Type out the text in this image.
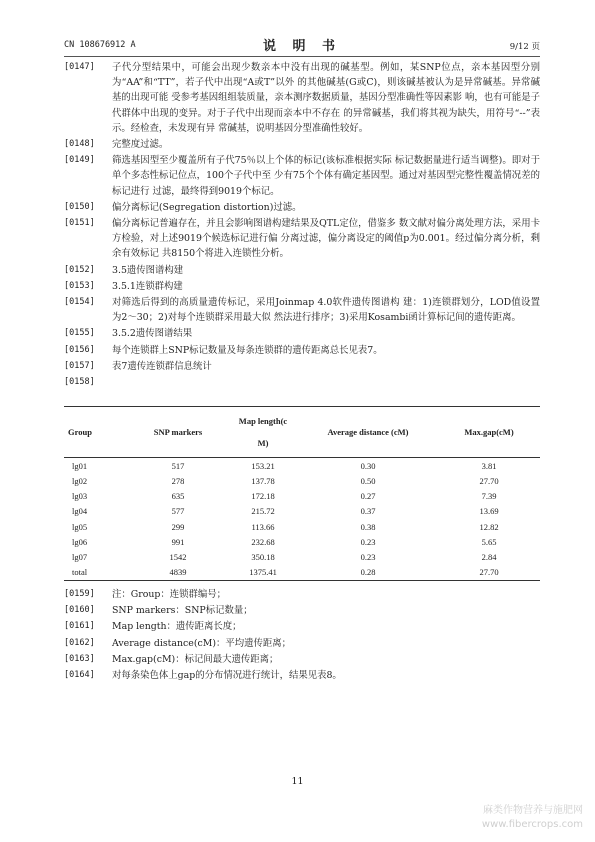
CN 108676912 A	说 明 书	9/12 页
[0147]	子代分型结果中，可能会出现少数亲本中没有出现的碱基型。例如，某SNP位点，亲本基因型分别为“AA”和“TT”，若子代中出现“A或T”以外 的其他碱基(G或C)，则该碱基被认为是异常碱基。异常碱基的出现可能 受参考基因组组装质量，亲本测序数据质量，基因分型准确性等因素影 响，也有可能是子代群体中出现的变异。对于子代中出现而亲本中不存在 的异常碱基，我们将其视为缺失，用符号“--”表示。经检查，未发现有异 常碱基，说明基因分型准确性较好。
[0148]	完整度过滤。
[0149]	筛选基因型至少覆盖所有子代75％以上个体的标记(该标准根据实际 标记数据量进行适当调整)。即对于单个多态性标记位点，100个子代中至 少有75个个体有确定基因型。通过对基因型完整性覆盖情况差的标记进行 过滤，最终得到9019个标记。
[0150]	偏分离标记(Segregation distortion)过滤。
[0151]	偏分离标记普遍存在，并且会影响图谱构建结果及QTL定位，借鉴多 数文献对偏分离处理方法，采用卡方检验，对上述9019个候选标记进行偏 分离过滤，偏分离设定的阈值p为0.001。经过偏分离分析，剩余有效标记 共8150个将进入连锁性分析。
[0152]	3.5遗传图谱构建
[0153]	3.5.1连锁群构建
[0154]	对筛选后得到的高质量遗传标记，采用Joinmap 4.0软件遗传图谱构 建：1)连锁群划分，LOD值设置为2～30；2)对每个连锁群采用最大似 然法进行排序；3)采用Kosambi函计算标记间的遗传距离。
[0155]	3.5.2遗传图谱结果
[0156]	每个连锁群上SNP标记数量及每条连锁群的遗传距离总长见表7。
[0157]	表7遗传连锁群信息统计
[0158]
Group	SNP markers	Map length(cM)	Average distance (cM)	Max.gap(cM)
lg01	517	153.21	0.30	3.81
lg02	278	137.78	0.50	27.70
lg03	635	172.18	0.27	7.39
lg04	577	215.72	0.37	13.69
lg05	299	113.66	0.38	12.82
lg06	991	232.68	0.23	5.65
lg07	1542	350.18	0.23	2.84
total	4839	1375.41	0.28	27.70
[0159]	注：Group：连锁群编号；
[0160]	SNP markers：SNP标记数量；
[0161]	Map length：遗传距离长度；
[0162]	Average distance(cM)：平均遗传距离；
[0163]	Max.gap(cM)：标记间最大遗传距离；
[0164]	对每条染色体上gap的分布情况进行统计，结果见表8。
11
麻类作物营养与施肥网
www.fibercrops.com
